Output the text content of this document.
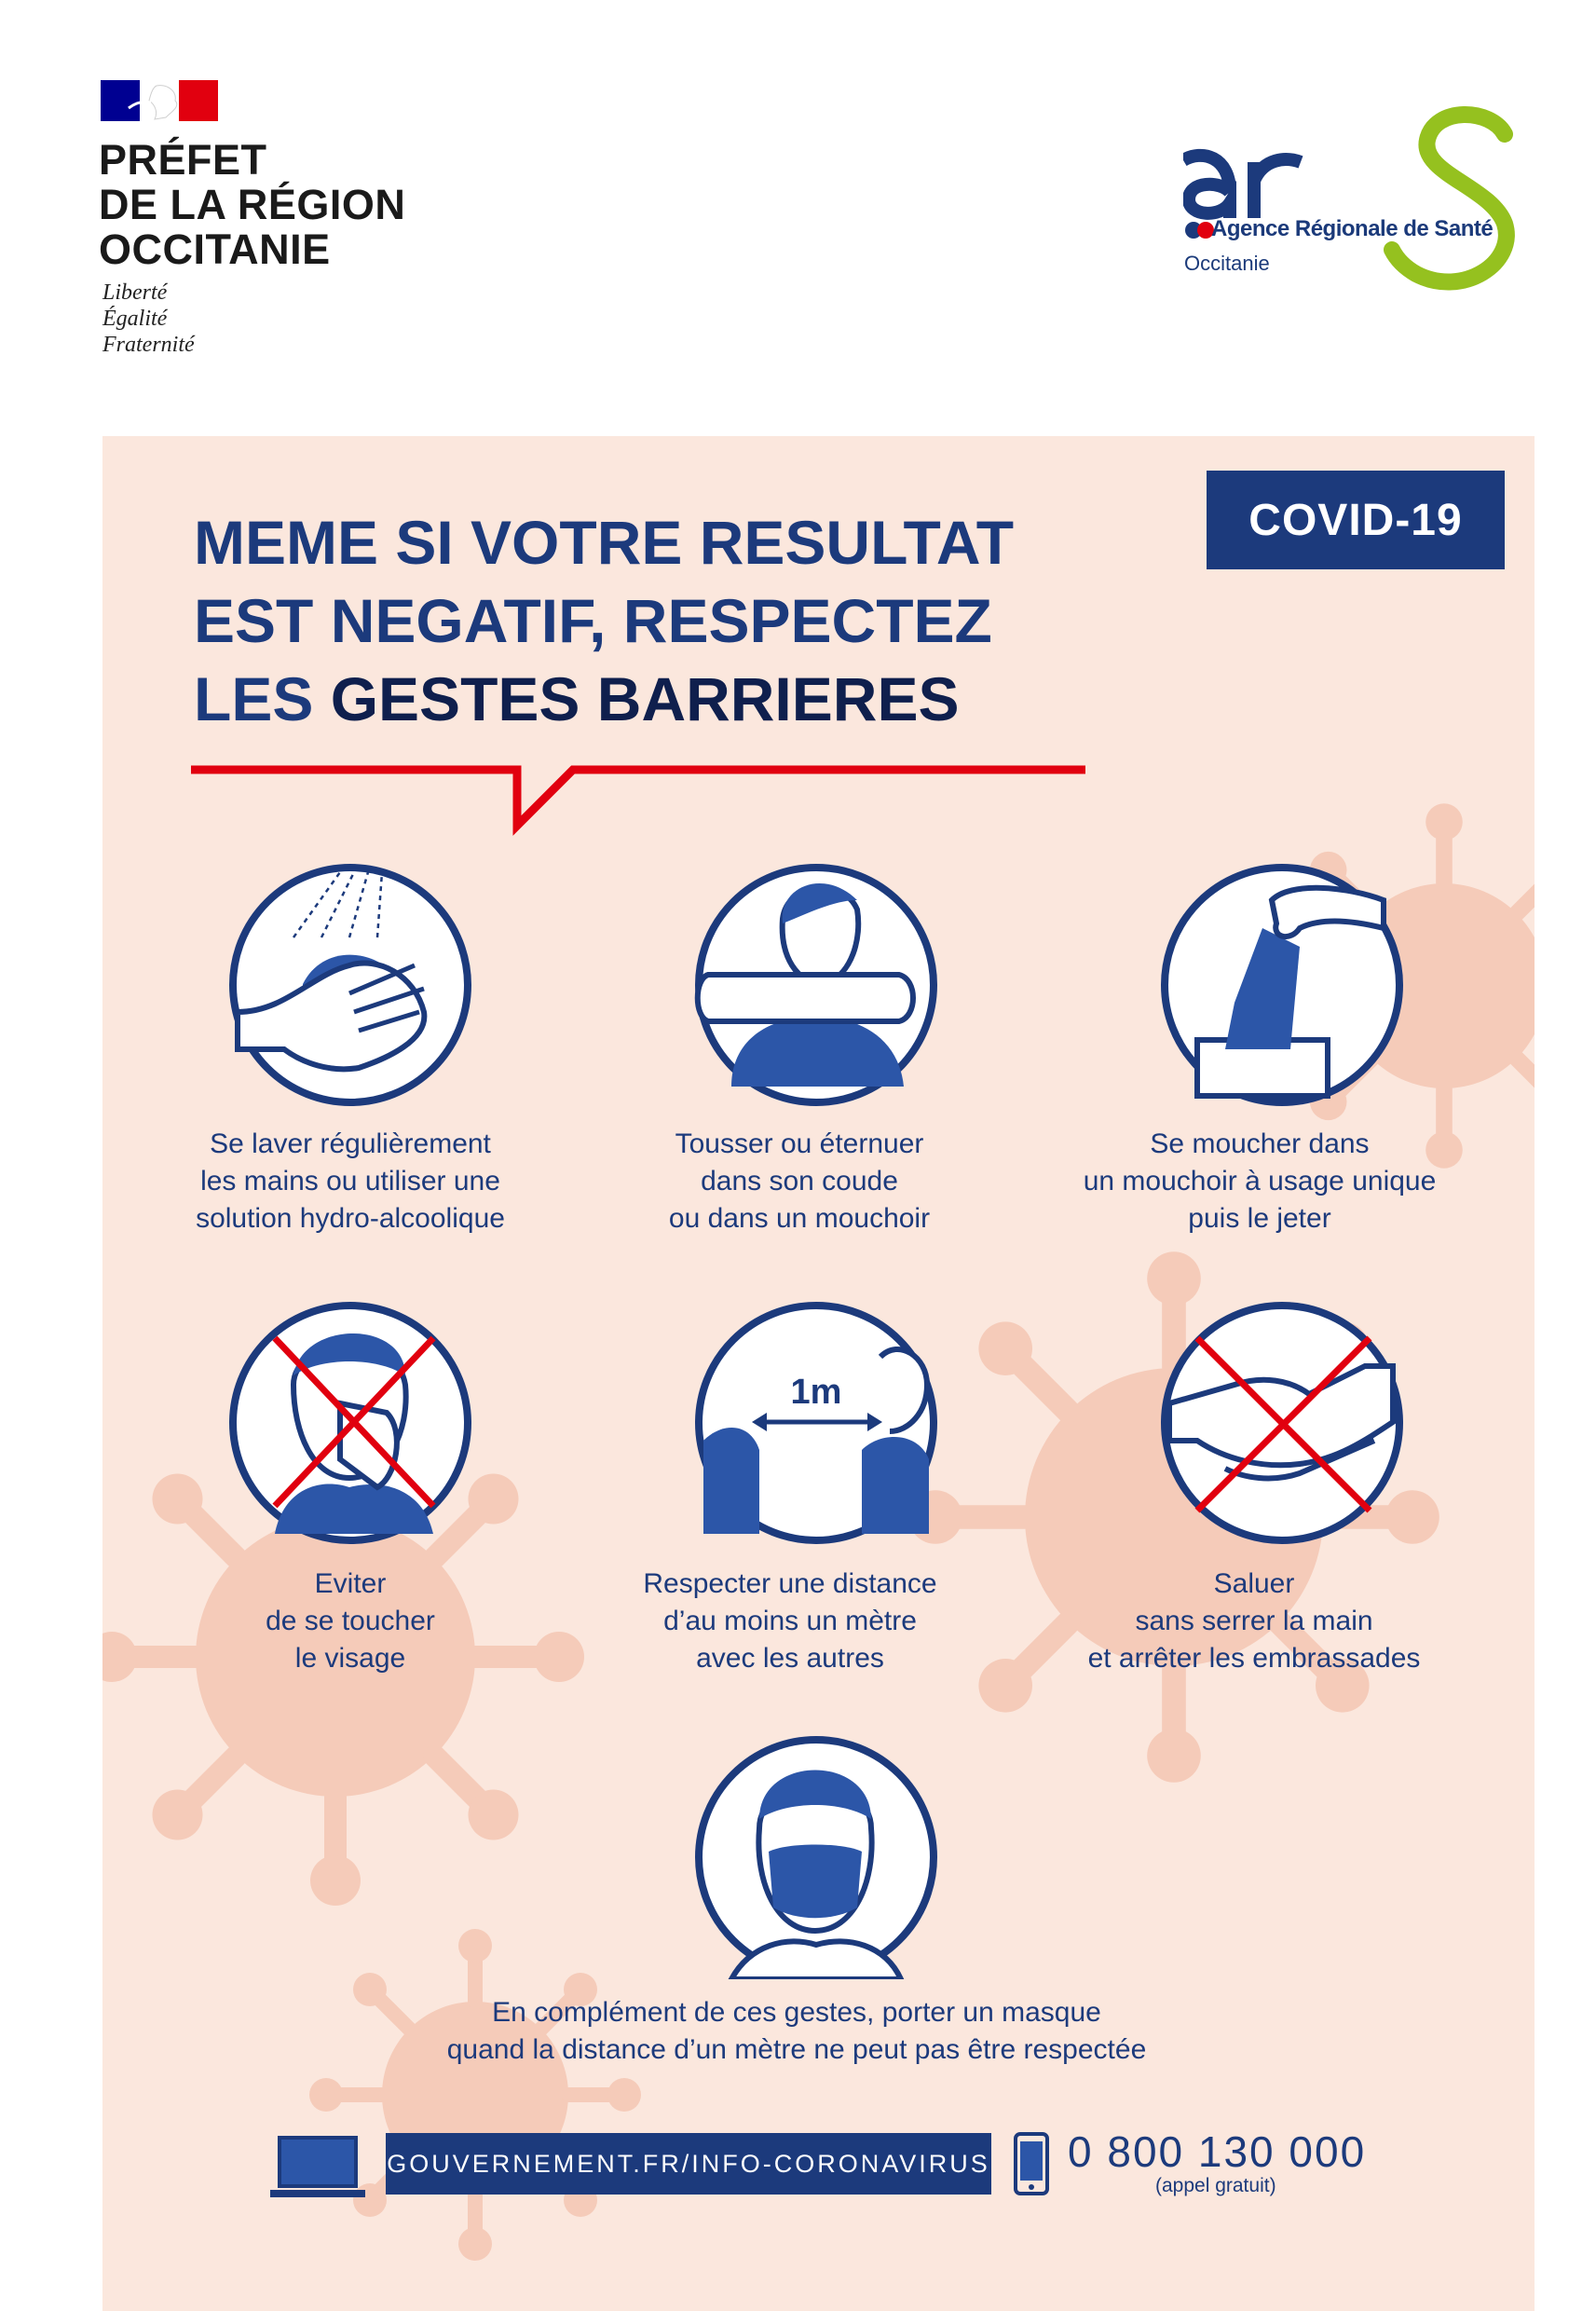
PRÉFET
DE LA RÉGION
OCCITANIE
Liberté
Égalité
Fraternité
Agence Régionale de Santé
Occitanie
COVID-19
MEME SI VOTRE RESULTAT
EST NEGATIF, RESPECTEZ
LES GESTES BARRIERES
Se laver régulièrement
les mains ou utiliser une
solution hydro-alcoolique
Tousser ou éternuer
dans son coude
ou dans un mouchoir
Se moucher dans
un mouchoir à usage unique
puis le jeter
1m
Eviter
de se toucher
le visage
Respecter une distance
d’au moins un mètre
avec les autres
Saluer
sans serrer la main
et arrêter les embrassades
En complément de ces gestes, porter un masque
quand la distance d’un mètre ne peut pas être respectée
GOUVERNEMENT.FR/INFO-CORONAVIRUS 0 800 130 000
(appel gratuit)
